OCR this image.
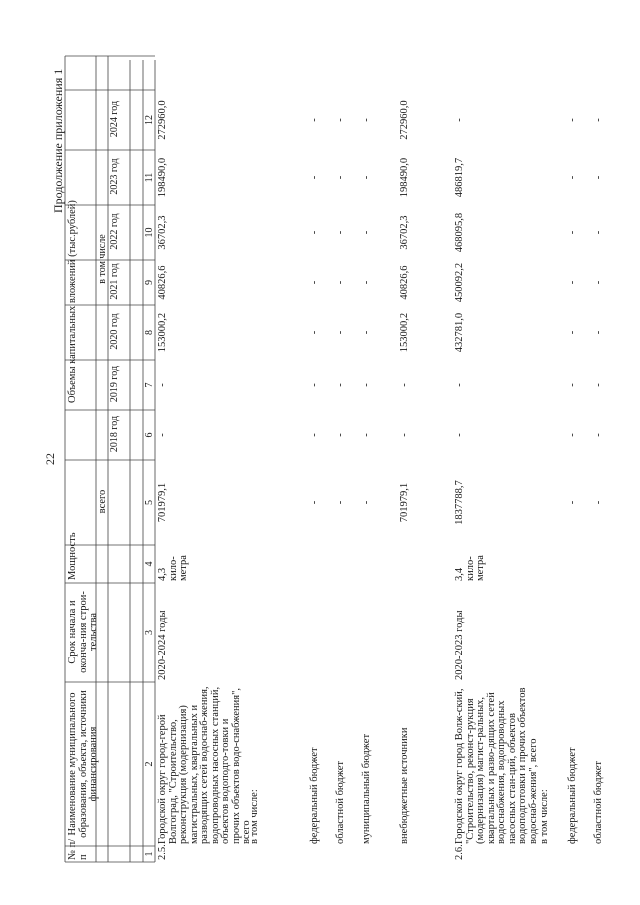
22
Продолжение приложения 1
№ п/п
Наименование муниципального образования, объекта, источники финансирования
Срок начала и оконча-ния строи-тельства
Мощность
Объемы капитальных вложений (тыс.рублей)
всего
в том числе
2018 год
2019 год
2020 год
2021 год
2022 год
2023 год
2024 год
1
2
3
4
5
6
7
8
9
10
11
12
2.5.
Городской округ город-герой Волгоград, "Строительство, реконструкция (модернизация) магистральных, квартальных и разводящих сетей водоснаб-жения, водопроводных насосных станций, объектов водоподго-товки и прочих объектов водо-снабжения", всего
2020-2024 годы
4,3 кило-метра
701979,1
-
-
153000,2
40826,6
36702,3
198490,0
272960,0
в том числе:	федеральный бюджет
-
-
-
-
-
-
-
-
областной бюджет
-
-
-
-
-
-
-
-
муниципальный бюджет
-
-
-
-
-
-
-
-
внебюджетные источники
701979,1
-
-
153000,2
40826,6
36702,3
198490,0
272960,0
2.6.
Городской округ город Волж-ский, "Строительство, реконст-рукция (модернизация) магист-ральных, квартальных и разво-дящих сетей водоснабжения, водопроводных насосных стан-ций, объектов водоподготовки и прочих объектов водоснаб-жения", всего
2020-2023 годы
3,4 кило-метра
1837788,7
-
-
432781,0
450092,2
468095,8
486819,7
-
в том числе: федеральный бюджет
-
-
-
-
-
-
-
-
областной бюджет
-
-
-
-
-
-
-
-
